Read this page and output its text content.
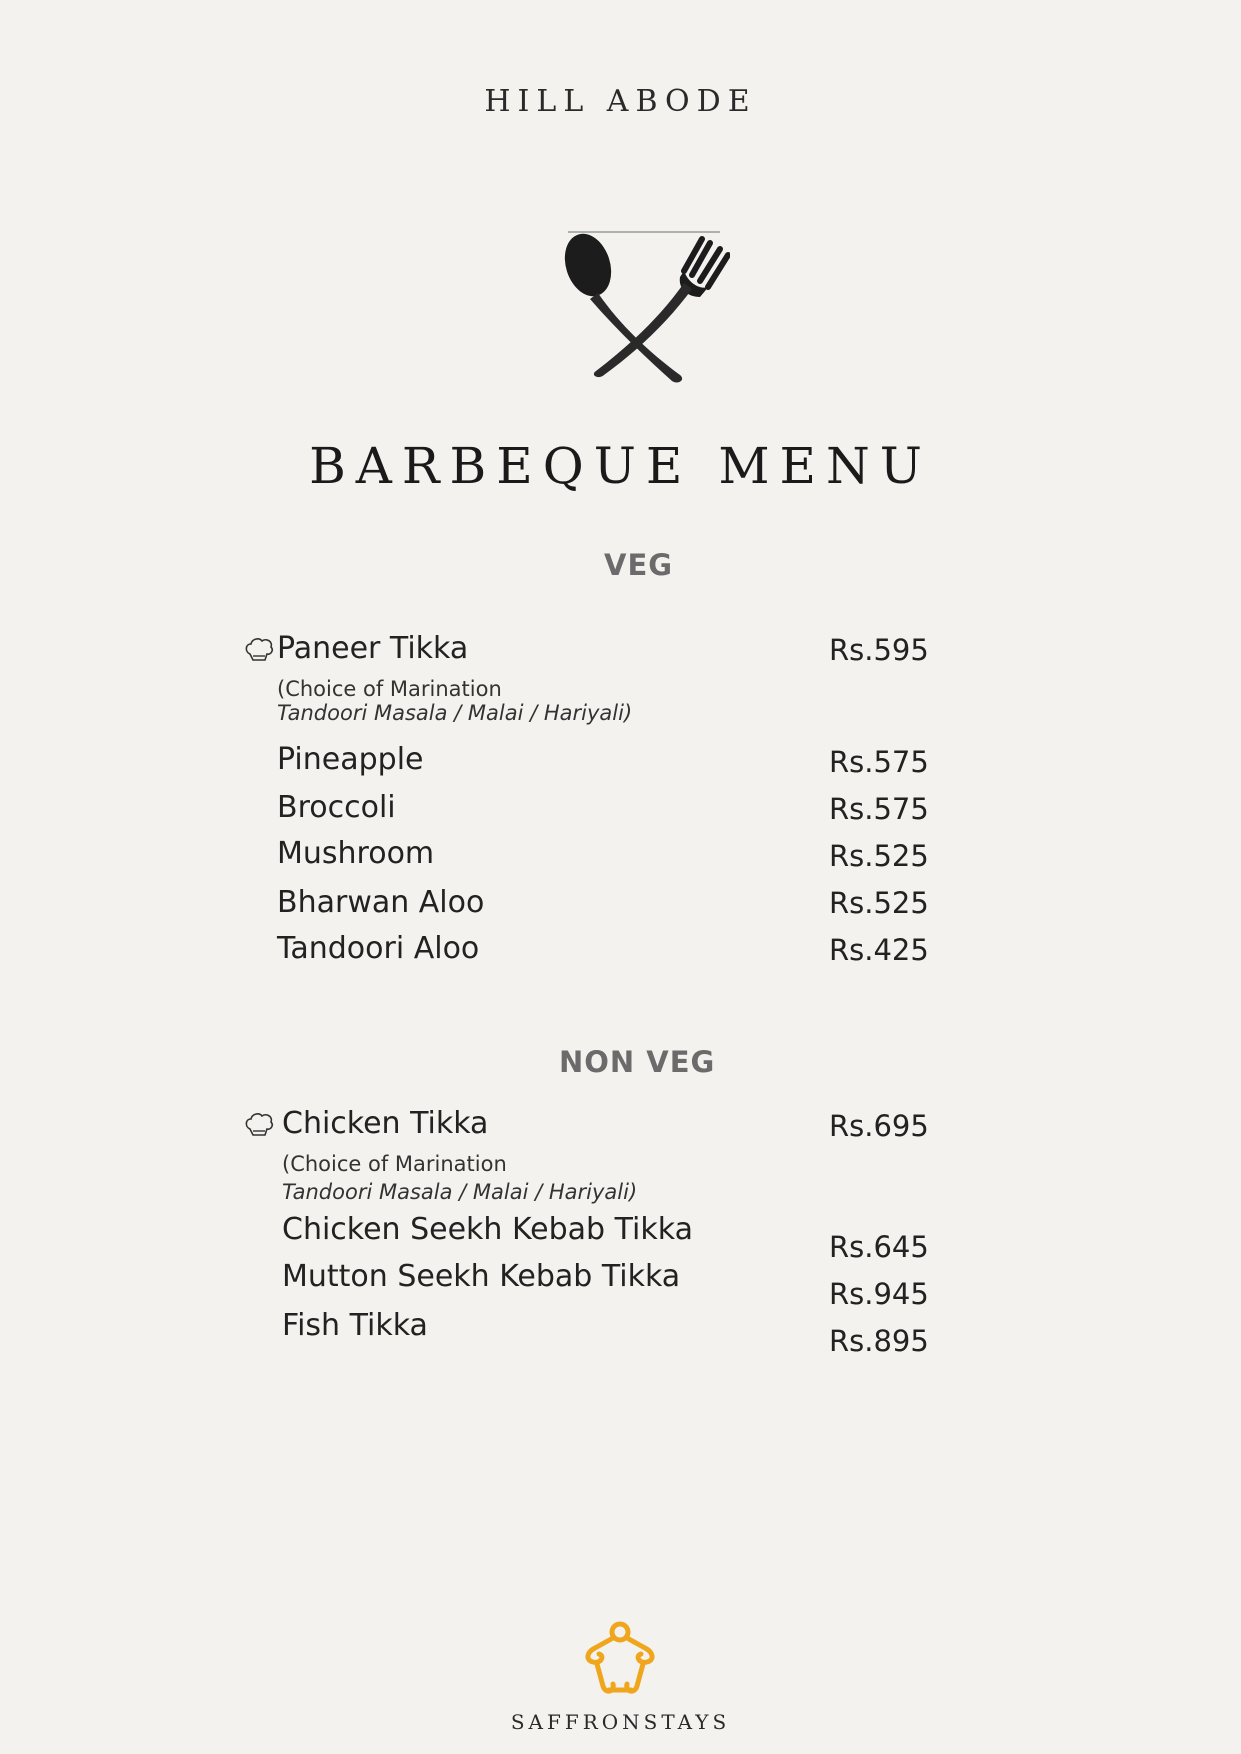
HILL ABODE
BARBEQUE MENU
VEG
Paneer Tikka	Rs.595
(Choice of Marination
Tandoori Masala / Malai / Hariyali)
Pineapple	Rs.575
Broccoli	Rs.575
Mushroom	Rs.525
Bharwan Aloo	Rs.525
Tandoori Aloo	Rs.425
NON VEG
Chicken Tikka	Rs.695
(Choice of Marination
Tandoori Masala / Malai / Hariyali)
Chicken Seekh Kebab Tikka	Rs.645
Mutton Seekh Kebab Tikka	Rs.945
Fish Tikka	Rs.895
SAFFRONSTAYS
